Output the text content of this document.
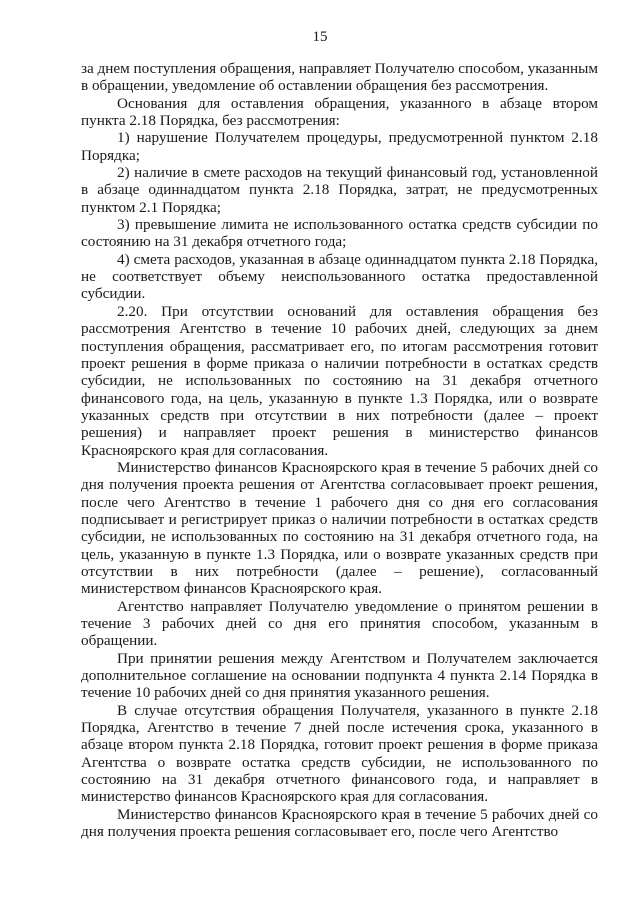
15

за днем поступления обращения, направляет Получателю способом, указанным в обращении, уведомление об оставлении обращения без рассмотрения.

Основания для оставления обращения, указанного в абзаце втором пункта 2.18 Порядка, без рассмотрения:

1) нарушение Получателем процедуры, предусмотренной пунктом 2.18 Порядка;

2) наличие в смете расходов на текущий финансовый год, установленной в абзаце одиннадцатом пункта 2.18 Порядка, затрат, не предусмотренных пунктом 2.1 Порядка;

3) превышение лимита не использованного остатка средств субсидии по состоянию на 31 декабря отчетного года;

4) смета расходов, указанная в абзаце одиннадцатом пункта 2.18 Порядка, не соответствует объему неиспользованного остатка предоставленной субсидии.

2.20. При отсутствии оснований для оставления обращения без рассмотрения Агентство в течение 10 рабочих дней, следующих за днем поступления обращения, рассматривает его, по итогам рассмотрения готовит проект решения в форме приказа о наличии потребности в остатках средств субсидии, не использованных по состоянию на 31 декабря отчетного финансового года, на цель, указанную в пункте 1.3 Порядка, или о возврате указанных средств при отсутствии в них потребности (далее – проект решения) и направляет проект решения в министерство финансов Красноярского края для согласования.

Министерство финансов Красноярского края в течение 5 рабочих дней со дня получения проекта решения от Агентства согласовывает проект решения, после чего Агентство в течение 1 рабочего дня со дня его согласования подписывает и регистрирует приказ о наличии потребности в остатках средств субсидии, не использованных по состоянию на 31 декабря отчетного года, на цель, указанную в пункте 1.3 Порядка, или о возврате указанных средств при отсутствии в них потребности (далее – решение), согласованный министерством финансов Красноярского края.

Агентство направляет Получателю уведомление о принятом решении в течение 3 рабочих дней со дня его принятия способом, указанным в обращении.

При принятии решения между Агентством и Получателем заключается дополнительное соглашение на основании подпункта 4 пункта 2.14 Порядка в течение 10 рабочих дней со дня принятия указанного решения.

В случае отсутствия обращения Получателя, указанного в пункте 2.18 Порядка, Агентство в течение 7 дней после истечения срока, указанного в абзаце втором пункта 2.18 Порядка, готовит проект решения в форме приказа Агентства о возврате остатка средств субсидии, не использованного по состоянию на 31 декабря отчетного финансового года, и направляет в министерство финансов Красноярского края для согласования.

Министерство финансов Красноярского края в течение 5 рабочих дней со дня получения проекта решения согласовывает его, после чего Агентство
